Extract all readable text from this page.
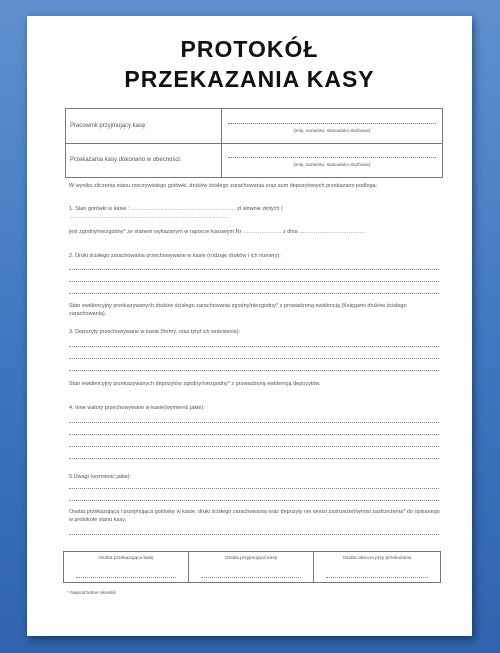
PROTOKÓŁ
PRZEKAZANIA KASY
Pracownik przyjmujący kasę:
(imię, nazwisko, stanowisko służbowe)
Przekazania kasy dokonano w obecności:
(imię, nazwisko, stanowisko służbowe)
W wyniku zliczenia stanu rzeczywistego gotówki, druków ścisłego zarachowania oraz sum depozytowych przekazano podlega:
1. Stan gotówki w kasie : ………………………………………………… zł słownie złotych ( ……………………………………………………………………………
jest zgodny/niezgodny* ze stanem wykazanym w raporcie kasowym Nr ………………… z dnia ………………………………
2. Druki ścisłego zarachowania przechowywane w kasie (rodzaje druków i ich numery):
Stan ewidencyjny przekazywanych druków ścisłego zarachowania zgodny/niezgodny* z prowadzoną ewidencją (Księgami druków ścisłego zarachowania).
3. Depozyty przechowywane w kasie (formy, oraz tytuł ich wniesienia):
Stan ewidencyjny przekazywanych depozytów zgodny/niezgodny* z prowadzoną ewidencją depozytów.
4. Inne walory przechowywane w kasie(wymienić jakie):
5.Uwagi (wymienić jakie):
Osoba przekazująca i przejmująca gotówkę w kasie, druki ścisłego zarachowania oraz depozyty nie wnosi zastrzeżeń/wnosi zastrzeżenia* do opisanego w protokole stanu kasy.
Osoba przekazująca kasę	Osoba przyjmująca kasę	Osoba obecna przy przekazaniu
* Niepotrzebne skreślić
